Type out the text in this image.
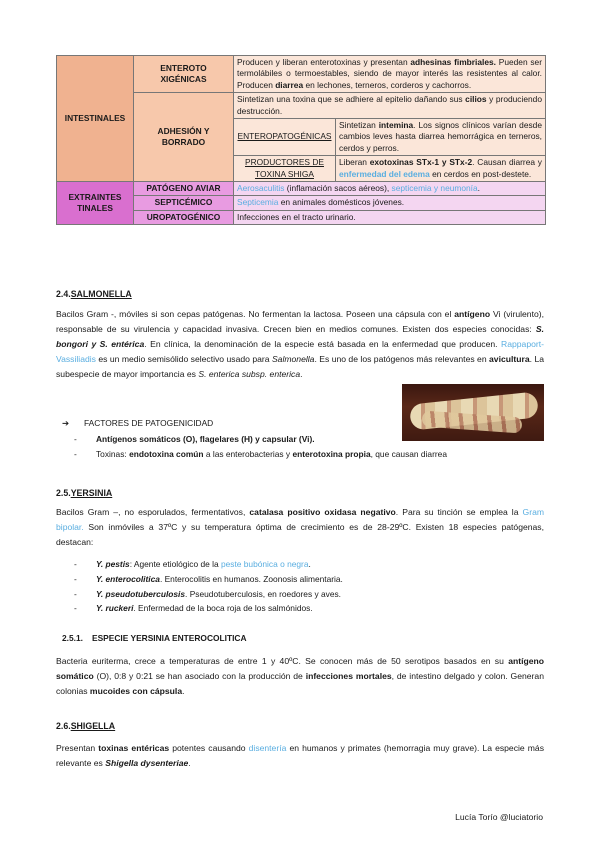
INTESTINALES	ENTEROTO XIGÉNICAS	Producen y liberan enterotoxinas y presentan adhesinas fimbriales. Pueden ser termolábiles o termoestables, siendo de mayor interés las resistentes al calor. Producen diarrea en lechones, terneros, corderos y cachorros.	
	ADHESIÓN Y BORRADO	Sintetizan una toxina que se adhiere al epitelio dañando sus cilios y produciendo destrucción.	
		ENTEROPATOGÉNICAS	Sintetizan intemina. Los signos clínicos varían desde cambios leves hasta diarrea hemorrágica en terneros, cerdos y perros.
		PRODUCTORES DE TOXINA SHIGA	Liberan exotoxinas STx-1 y STx-2. Causan diarrea y enfermedad del edema en cerdos en post-destete.
EXTRAINTES TINALES	PATÓGENO AVIAR	Aerosaculitis (inflamación sacos aéreos), septicemia y neumonía.	
	SEPTICÉMICO	Septicemia en animales domésticos jóvenes.	
	UROPATOGÉNICO	Infecciones en el tracto urinario.	
2.4.SALMONELLA
Bacilos Gram -, móviles si son cepas patógenas. No fermentan la lactosa. Poseen una cápsula con el antígeno Vi (virulento), responsable de su virulencia y capacidad invasiva. Crecen bien en medios comunes. Existen dos especies conocidas: S. bongori y S. entérica. En clínica, la denominación de la especie está basada en la enfermedad que producen. Rappaport-Vassiliadis es un medio semisólido selectivo usado para Salmonella. Es uno de los patógenos más relevantes en avicultura. La subespecie de mayor importancia es S. enterica subsp. enterica.
➔ FACTORES DE PATOGENICIDAD
- Antígenos somáticos (O), flagelares (H) y capsular (Vi).
- Toxinas: endotoxina común a las enterobacterias y enterotoxina propia, que causan diarrea
2.5.YERSINIA
Bacilos Gram –, no esporulados, fermentativos, catalasa positivo oxidasa negativo. Para su tinción se emplea la Gram bipolar. Son inmóviles a 37ºC y su temperatura óptima de crecimiento es de 28-29ºC. Existen 18 especies patógenas, destacan:
- Y. pestis: Agente etiológico de la peste bubónica o negra.
- Y. enterocolitica. Enterocolitis en humanos. Zoonosis alimentaria.
- Y. pseudotuberculosis. Pseudotuberculosis, en roedores y aves.
- Y. ruckeri. Enfermedad de la boca roja de los salmónidos.
2.5.1. ESPECIE YERSINIA ENTEROCOLITICA
Bacteria euriterma, crece a temperaturas de entre 1 y 40ºC. Se conocen más de 50 serotipos basados en su antígeno somático (O), 0:8 y 0:21 se han asociado con la producción de infecciones mortales, de intestino delgado y colon. Generan colonias mucoides con cápsula.
2.6.SHIGELLA
Presentan toxinas entéricas potentes causando disentería en humanos y primates (hemorragia muy grave). La especie más relevante es Shigella dysenteriae.
Lucía Torío @luciatorio
